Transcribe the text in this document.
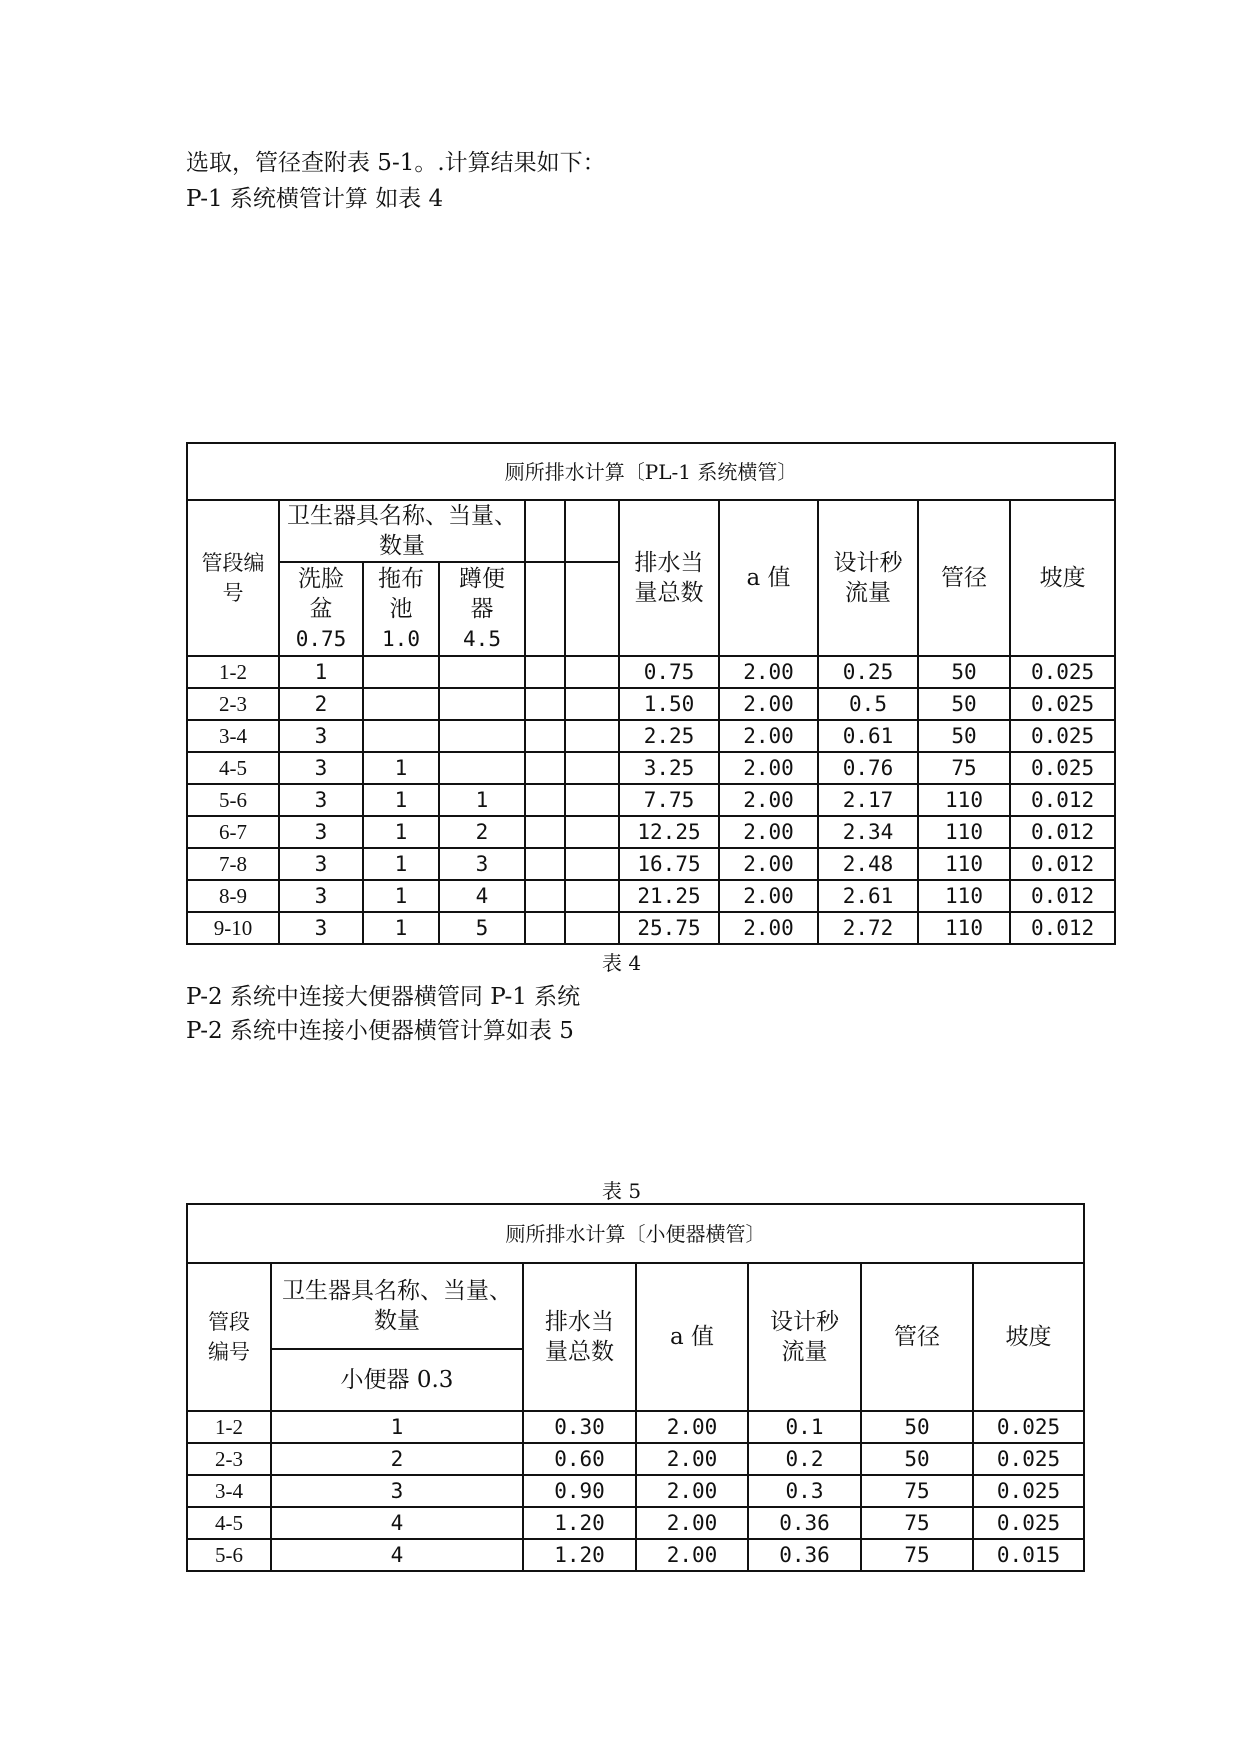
选取，管径查附表 5-1。.计算结果如下：
P-1 系统横管计算 如表 4
厕所排水计算〔PL-1 系统横管〕										

管段编
号	卫生器具名称、当量、数量					排水当
量总数	a 值	设计秒
流量	管径	坡度

	洗脸
盆
0.75	拖布
池
1.0	蹲便
器
4.5							

1-2	1					0.75	2.00	0.25	50	0.025
2-3	2					1.50	2.00	0.5	50	0.025
3-4	3					2.25	2.00	0.61	50	0.025
4-5	3	1				3.25	2.00	0.76	75	0.025
5-6	3	1	1			7.75	2.00	2.17	110	0.012
6-7	3	1	2			12.25	2.00	2.34	110	0.012
7-8	3	1	3			16.75	2.00	2.48	110	0.012
8-9	3	1	4			21.25	2.00	2.61	110	0.012
9-10	3	1	5			25.75	2.00	2.72	110	0.012
表 4
P-2 系统中连接大便器横管同 P-1 系统
P-2 系统中连接小便器横管计算如表 5
表 5
厕所排水计算〔小便器横管〕						

管段
编号	卫生器具名称、当量、
数量	排水当
量总数	a 值	设计秒
流量	管径	坡度
	小便器 0.3					
1-2	1	0.30	2.00	0.1	50	0.025
2-3	2	0.60	2.00	0.2	50	0.025
3-4	3	0.90	2.00	0.3	75	0.025
4-5	4	1.20	2.00	0.36	75	0.025
5-6	4	1.20	2.00	0.36	75	0.015
